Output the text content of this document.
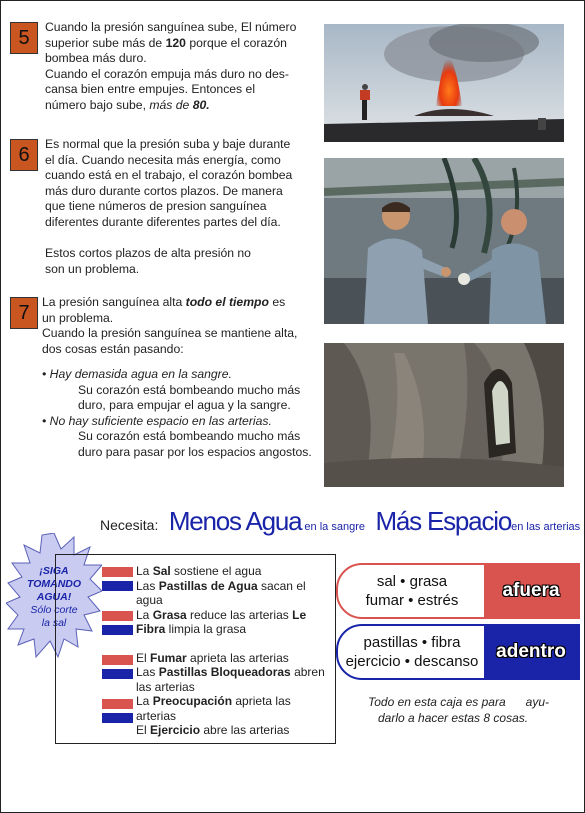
5	Cuando la presión sanguínea sube, El número

superior sube más de 120 porque el corazón

bombea más duro.

Cuando el corazón empuja más duro no des-

cansa bien entre empujes. Entonces el

número bajo sube, más de 80.

6	Es normal que la presión suba y baje durante

el día. Cuando necesita más energía, como

cuando está en el trabajo, el corazón bombea

más duro durante cortos plazos. De manera

que tiene números de presion sanguínea

diferentes durante diferentes partes del día.

Estos cortos plazos de alta presión no

son un problema.

7	La presión sanguínea alta todo el tiempo es

un problema.

Cuando la presión sanguínea se mantiene alta,

dos cosas están pasando:

• Hay demasida agua en la sangre.

Su corazón está bombeando mucho más

duro, para empujar el agua y la sangre.

• No hay suficiente espacio en las arterias.

Su corazón está bombeando mucho más

duro para pasar por los espacios angostos.

Necesita: Menos Agua en la sangre Más Espacioen las arterias
¡SIGA
TOMANDO
AGUA!
Sólo corte
la sal
La Sal sostiene el agua
Las Pastillas de Agua sacan el
agua
La Grasa reduce las arterias Le
Fibra limpia la grasa
El Fumar aprieta las arterias
Las Pastillas Bloqueadoras abren
las arterias
La Preocupación aprieta las arterias
El Ejercicio abre las arterias
sal • grasa
fumar • estrés	afuera
pastillas • fibra
ejercicio • descanso adentro
Todo en esta caja es para      ayu-
darlo a hacer estas 8 cosas.
